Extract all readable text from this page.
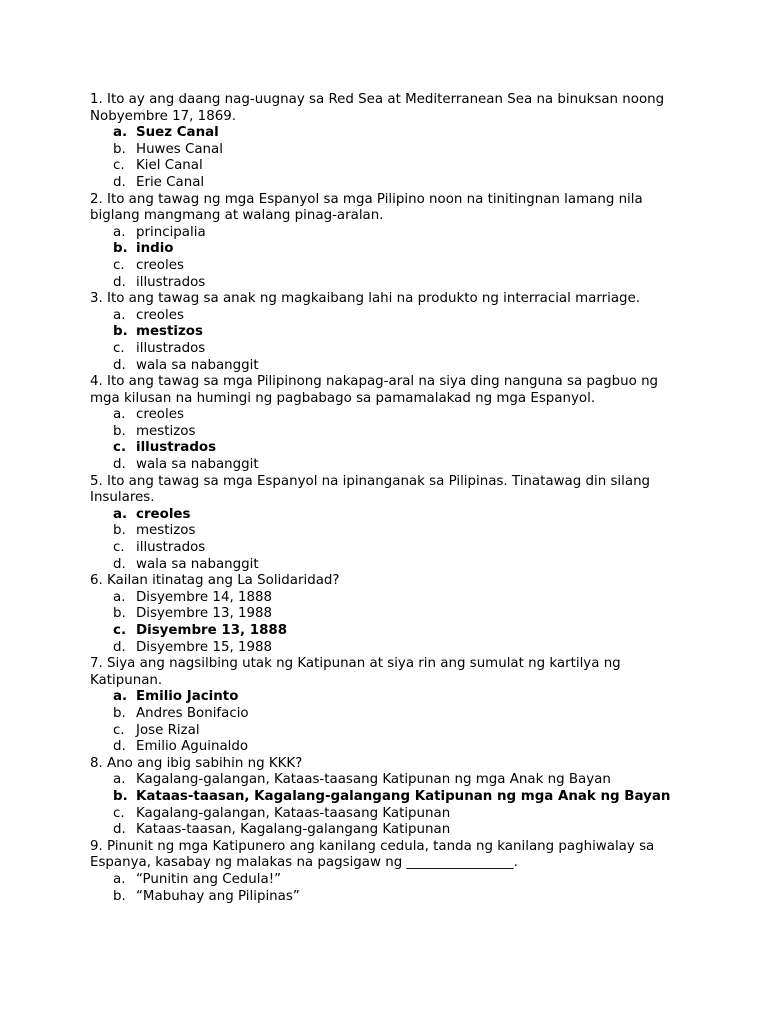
1. Ito ay ang daang nag-uugnay sa Red Sea at Mediterranean Sea na binuksan noong Nobyembre 17, 1869.

a. Suez Canal
b. Huwes Canal
c. Kiel Canal
d. Erie Canal

2. Ito ang tawag ng mga Espanyol sa mga Pilipino noon na tinitingnan lamang nila biglang mangmang at walang pinag-aralan.

a. principalia
b. indio
c. creoles
d. illustrados

3. Ito ang tawag sa anak ng magkaibang lahi na produkto ng interracial marriage.

a. creoles
b. mestizos
c. illustrados
d. wala sa nabanggit

4. Ito ang tawag sa mga Pilipinong nakapag-aral na siya ding nanguna sa pagbuo ng mga kilusan na humingi ng pagbabago sa pamamalakad ng mga Espanyol.

a. creoles
b. mestizos
c. illustrados
d. wala sa nabanggit

5. Ito ang tawag sa mga Espanyol na ipinanganak sa Pilipinas. Tinatawag din silang Insulares.

a. creoles
b. mestizos
c. illustrados
d. wala sa nabanggit

6. Kailan itinatag ang La Solidaridad?

a. Disyembre 14, 1888
b. Disyembre 13, 1988
c. Disyembre 13, 1888
d. Disyembre 15, 1988

7. Siya ang nagsilbing utak ng Katipunan at siya rin ang sumulat ng kartilya ng Katipunan.

a. Emilio Jacinto
b. Andres Bonifacio
c. Jose Rizal
d. Emilio Aguinaldo

8. Ano ang ibig sabihin ng KKK?

a. Kagalang-galangan, Kataas-taasang Katipunan ng mga Anak ng Bayan
b. Kataas-taasan, Kagalang-galangang Katipunan ng mga Anak ng Bayan
c. Kagalang-galangan, Kataas-taasang Katipunan
d. Kataas-taasan, Kagalang-galangang Katipunan

9. Pinunit ng mga Katipunero ang kanilang cedula, tanda ng kanilang paghiwalay sa Espanya, kasabay ng malakas na pagsigaw ng ________________.

a. “Punitin ang Cedula!”
b. “Mabuhay ang Pilipinas”
